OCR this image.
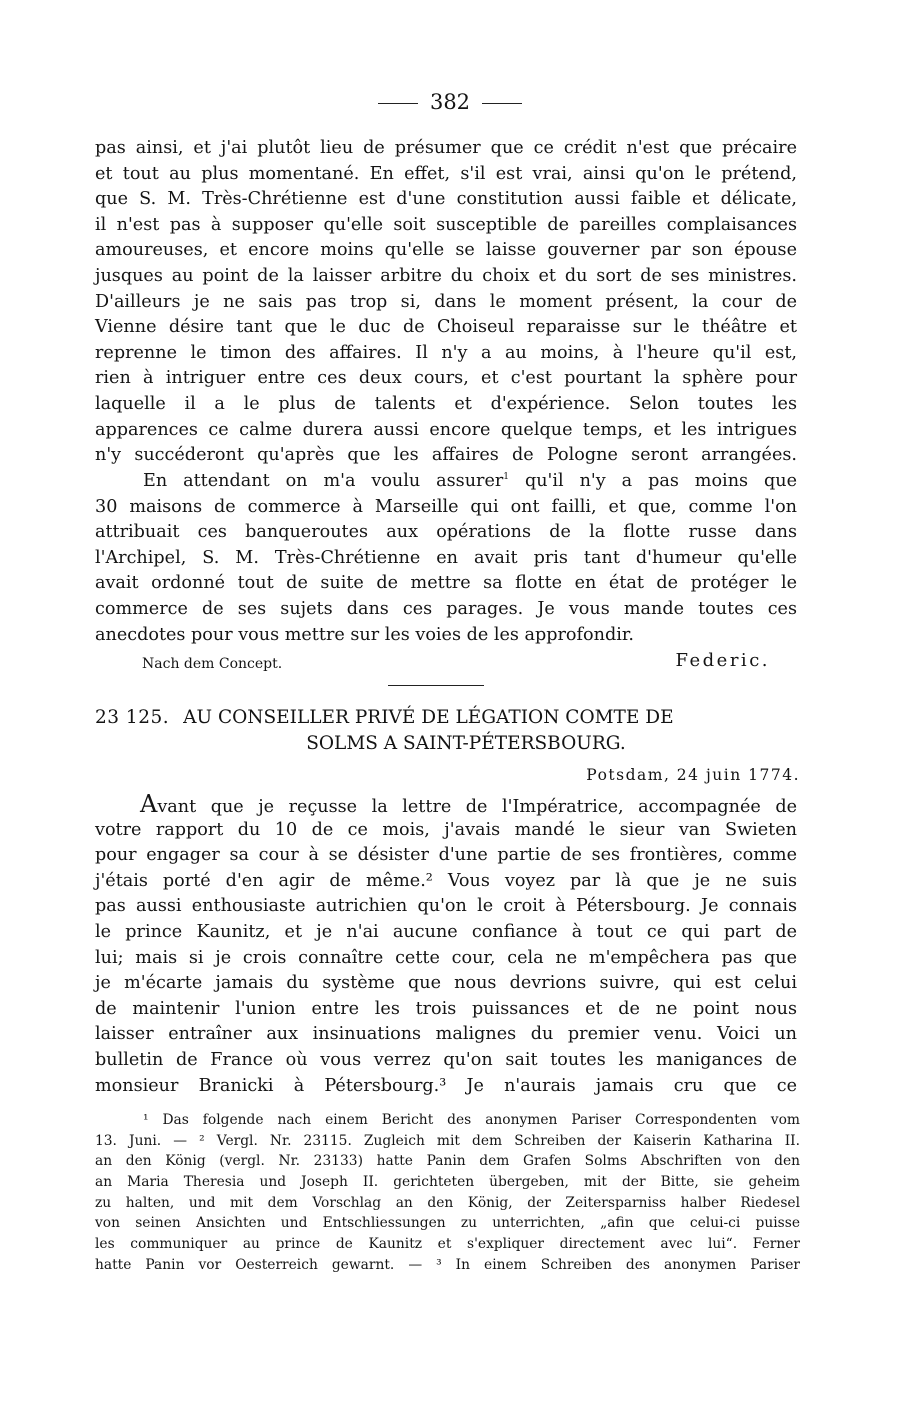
382
pas ainsi, et j'ai plutôt lieu de présumer que ce crédit n'est que précaire
et tout au plus momentané. En effet, s'il est vrai, ainsi qu'on le prétend,
que S. M. Très-Chrétienne est d'une constitution aussi faible et délicate,
il n'est pas à supposer qu'elle soit susceptible de pareilles complaisances
amoureuses, et encore moins qu'elle se laisse gouverner par son épouse
jusques au point de la laisser arbitre du choix et du sort de ses ministres.
D'ailleurs je ne sais pas trop si, dans le moment présent, la cour de
Vienne désire tant que le duc de Choiseul reparaisse sur le théâtre et
reprenne le timon des affaires. Il n'y a au moins, à l'heure qu'il est,
rien à intriguer entre ces deux cours, et c'est pourtant la sphère pour
laquelle il a le plus de talents et d'expérience. Selon toutes les
apparences ce calme durera aussi encore quelque temps, et les intrigues
n'y succéderont qu'après que les affaires de Pologne seront arrangées.
En attendant on m'a voulu assurer$^1$ qu'il n'y a pas moins que
30 maisons de commerce à Marseille qui ont failli, et que, comme l'on
attribuait ces banqueroutes aux opérations de la flotte russe dans
l'Archipel, S. M. Très-Chrétienne en avait pris tant d'humeur qu'elle
avait ordonné tout de suite de mettre sa flotte en état de protéger le
commerce de ses sujets dans ces parages. Je vous mande toutes ces
anecdotes pour vous mettre sur les voies de les approfondir.
Nach dem Concept.	Federic.
23 125. AU CONSEILLER PRIVÉ DE LÉGATION COMTE DE
SOLMS A SAINT-PÉTERSBOURG.
Potsdam, 24 juin 1774.
Avant que je reçusse la lettre de l'Impératrice, accompagnée de
votre rapport du 10 de ce mois, j'avais mandé le sieur van Swieten
pour engager sa cour à se désister d'une partie de ses frontières, comme
j'étais porté d'en agir de même.² Vous voyez par là que je ne suis
pas aussi enthousiaste autrichien qu'on le croit à Pétersbourg. Je connais
le prince Kaunitz, et je n'ai aucune confiance à tout ce qui part de
lui; mais si je crois connaître cette cour, cela ne m'empêchera pas que
je m'écarte jamais du système que nous devrions suivre, qui est celui
de maintenir l'union entre les trois puissances et de ne point nous
laisser entraîner aux insinuations malignes du premier venu. Voici un
bulletin de France où vous verrez qu'on sait toutes les manigances de
monsieur Branicki à Pétersbourg.³ Je n'aurais jamais cru que ce
¹ Das folgende nach einem Bericht des anonymen Pariser Correspondenten vom
13. Juni. — ² Vergl. Nr. 23115. Zugleich mit dem Schreiben der Kaiserin Katharina II.
an den König (vergl. Nr. 23133) hatte Panin dem Grafen Solms Abschriften von den
an Maria Theresia und Joseph II. gerichteten übergeben, mit der Bitte, sie geheim
zu halten, und mit dem Vorschlag an den König, der Zeitersparniss halber Riedesel
von seinen Ansichten und Entschliessungen zu unterrichten, „afin que celui-ci puisse
les communiquer au prince de Kaunitz et s'expliquer directement avec lui“. Ferner
hatte Panin vor Oesterreich gewarnt. — ³ In einem Schreiben des anonymen Pariser
